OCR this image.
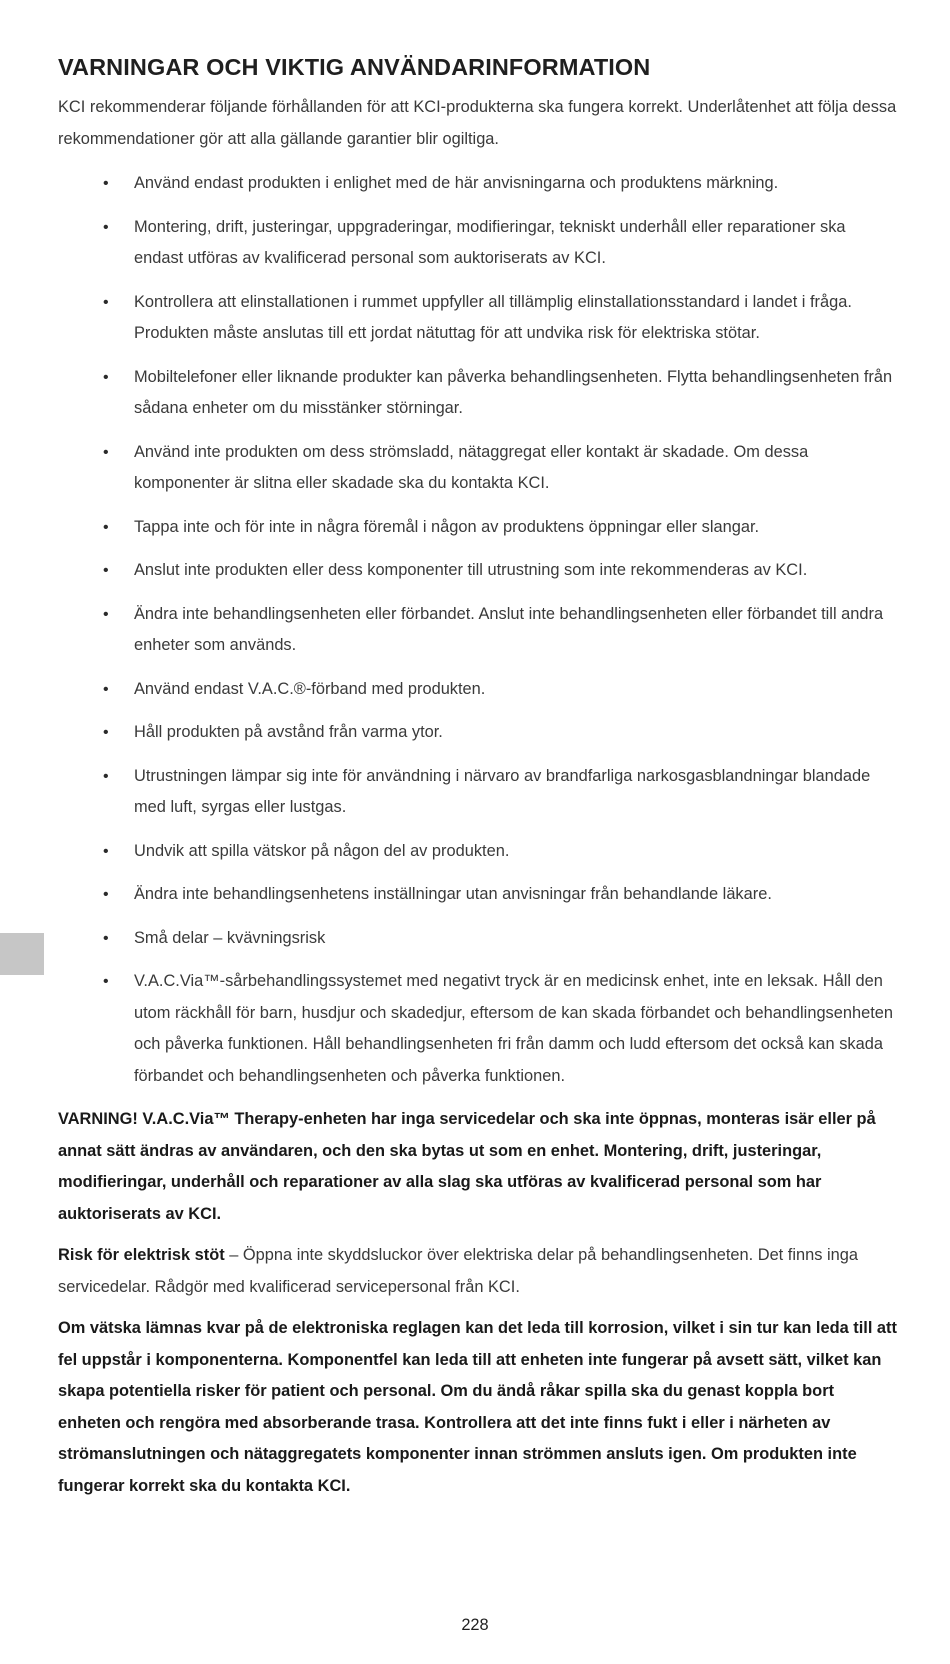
VARNINGAR OCH VIKTIG ANVÄNDARINFORMATION

KCI rekommenderar följande förhållanden för att KCI-produkterna ska fungera korrekt. Underlåtenhet att följa dessa rekommendationer gör att alla gällande garantier blir ogiltiga.

• Använd endast produkten i enlighet med de här anvisningarna och produktens märkning.
• Montering, drift, justeringar, uppgraderingar, modifieringar, tekniskt underhåll eller reparationer ska endast utföras av kvalificerad personal som auktoriserats av KCI.
• Kontrollera att elinstallationen i rummet uppfyller all tillämplig elinstallationsstandard i landet i fråga. Produkten måste anslutas till ett jordat nätuttag för att undvika risk för elektriska stötar.
• Mobiltelefoner eller liknande produkter kan påverka behandlingsenheten. Flytta behandlingsenheten från sådana enheter om du misstänker störningar.
• Använd inte produkten om dess strömsladd, nätaggregat eller kontakt är skadade. Om dessa komponenter är slitna eller skadade ska du kontakta KCI.
• Tappa inte och för inte in några föremål i någon av produktens öppningar eller slangar.
• Anslut inte produkten eller dess komponenter till utrustning som inte rekommenderas av KCI.
• Ändra inte behandlingsenheten eller förbandet. Anslut inte behandlingsenheten eller förbandet till andra enheter som används.
• Använd endast V.A.C.®-förband med produkten.
• Håll produkten på avstånd från varma ytor.
• Utrustningen lämpar sig inte för användning i närvaro av brandfarliga narkosgasblandningar blandade med luft, syrgas eller lustgas.
• Undvik att spilla vätskor på någon del av produkten.
• Ändra inte behandlingsenhetens inställningar utan anvisningar från behandlande läkare.
• Små delar – kvävningsrisk
• V.A.C.Via™-sårbehandlingssystemet med negativt tryck är en medicinsk enhet, inte en leksak. Håll den utom räckhåll för barn, husdjur och skadedjur, eftersom de kan skada förbandet och behandlingsenheten och påverka funktionen. Håll behandlingsenheten fri från damm och ludd eftersom det också kan skada förbandet och behandlingsenheten och påverka funktionen.

VARNING! V.A.C.Via™ Therapy-enheten har inga servicedelar och ska inte öppnas, monteras isär eller på annat sätt ändras av användaren, och den ska bytas ut som en enhet. Montering, drift, justeringar, modifieringar, underhåll och reparationer av alla slag ska utföras av kvalificerad personal som har auktoriserats av KCI.

Risk för elektrisk stöt – Öppna inte skyddsluckor över elektriska delar på behandlingsenheten. Det finns inga servicedelar. Rådgör med kvalificerad servicepersonal från KCI.

Om vätska lämnas kvar på de elektroniska reglagen kan det leda till korrosion, vilket i sin tur kan leda till att fel uppstår i komponenterna. Komponentfel kan leda till att enheten inte fungerar på avsett sätt, vilket kan skapa potentiella risker för patient och personal. Om du ändå råkar spilla ska du genast koppla bort enheten och rengöra med absorberande trasa. Kontrollera att det inte finns fukt i eller i närheten av strömanslutningen och nätaggregatets komponenter innan strömmen ansluts igen. Om produkten inte fungerar korrekt ska du kontakta KCI.

228
